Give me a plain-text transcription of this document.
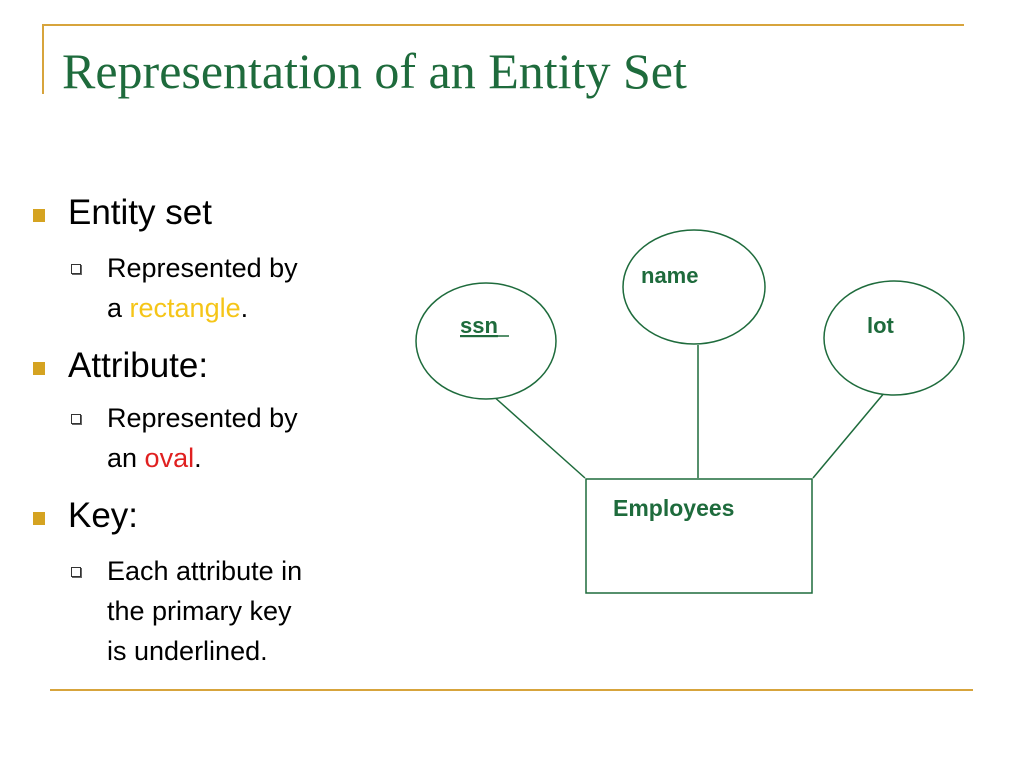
Representation of an Entity Set
Entity set
Represented by
a rectangle.
Attribute:
Represented by
an oval.
Key:
Each attribute in
the primary key
is underlined.
ssn
name
lot
Employees
